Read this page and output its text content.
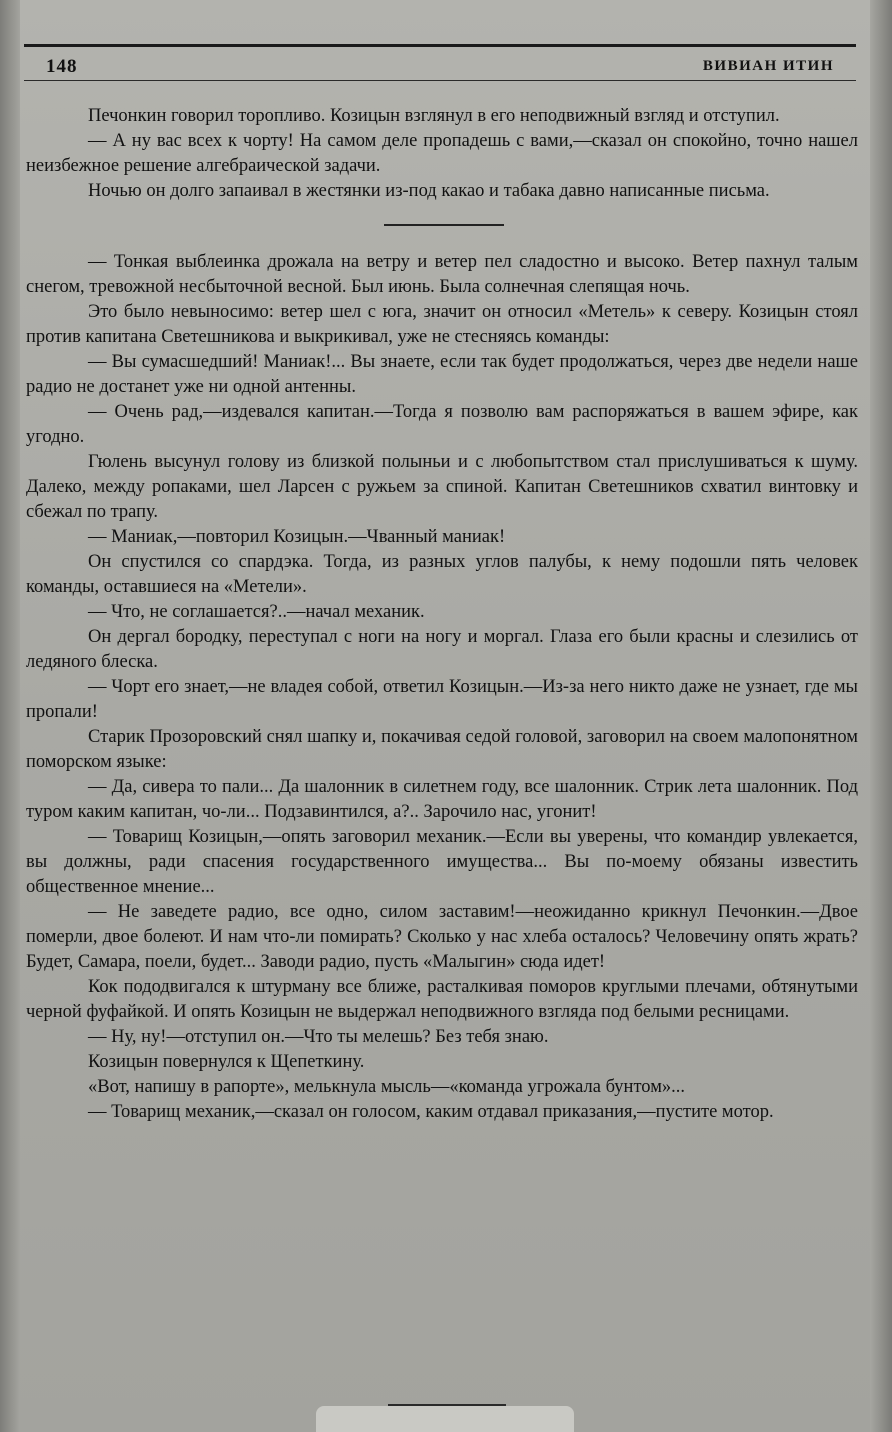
148	ВИВИАН ИТИН

Печонкин говорил торопливо. Козицын взглянул в его неподвижный взгляд и отступил.

— А ну вас всех к чорту! На самом деле пропадешь с вами,—сказал он спокойно, точно нашел неизбежное решение алгебраической задачи.

Ночью он долго запаивал в жестянки из-под какао и табака давно написанные письма.

— Тонкая выблеинка дрожала на ветру и ветер пел сладостно и высоко. Ветер пахнул талым снегом, тревожной несбыточной весной. Был июнь. Была солнечная слепящая ночь.

Это было невыносимо: ветер шел с юга, значит он относил «Метель» к северу. Козицын стоял против капитана Светешникова и выкрикивал, уже не стесняясь команды:

— Вы сумасшедший! Маниак!... Вы знаете, если так будет продолжаться, через две недели наше радио не достанет уже ни одной антенны.

— Очень рад,—издевался капитан.—Тогда я позволю вам распоряжаться в вашем эфире, как угодно.

Гюлень высунул голову из близкой полыньи и с любопытством стал прислушиваться к шуму. Далеко, между ропаками, шел Ларсен с ружьем за спиной. Капитан Светешников схватил винтовку и сбежал по трапу.

— Маниак,—повторил Козицын.—Чванный маниак!

Он спустился со спардэка. Тогда, из разных углов палубы, к нему подошли пять человек команды, оставшиеся на «Метели».

— Что, не соглашается?..—начал механик.

Он дергал бородку, переступал с ноги на ногу и моргал. Глаза его были красны и слезились от ледяного блеска.

— Чорт его знает,—не владея собой, ответил Козицын.—Из-за него никто даже не узнает, где мы пропали!

Старик Прозоровский снял шапку и, покачивая седой головой, заговорил на своем малопонятном поморском языке:

— Да, сивера то пали... Да шалонник в силетнем году, все шалонник. Стрик лета шалонник. Под туром каким капитан, чо-ли... Подзавинтился, а?.. Зарочило нас, угонит!

— Товарищ Козицын,—опять заговорил механик.—Если вы уверены, что командир увлекается, вы должны, ради спасения государственного имущества... Вы по-моему обязаны известить общественное мнение...

— Не заведете радио, все одно, силом заставим!—неожиданно крикнул Печонкин.—Двое померли, двое болеют. И нам что-ли помирать? Сколько у нас хлеба осталось? Человечину опять жрать? Будет, Самара, поели, будет... Заводи радио, пусть «Малыгин» сюда идет!

Кок пододвигался к штурману все ближе, расталкивая поморов круглыми плечами, обтянутыми черной фуфайкой. И опять Козицын не выдержал неподвижного взгляда под белыми ресницами.

— Ну, ну!—отступил он.—Что ты мелешь? Без тебя знаю.

Козицын повернулся к Щепеткину.

«Вот, напишу в рапорте», мелькнула мысль—«команда угрожала бунтом»...

— Товарищ механик,—сказал он голосом, каким отдавал приказания,—пустите мотор.
